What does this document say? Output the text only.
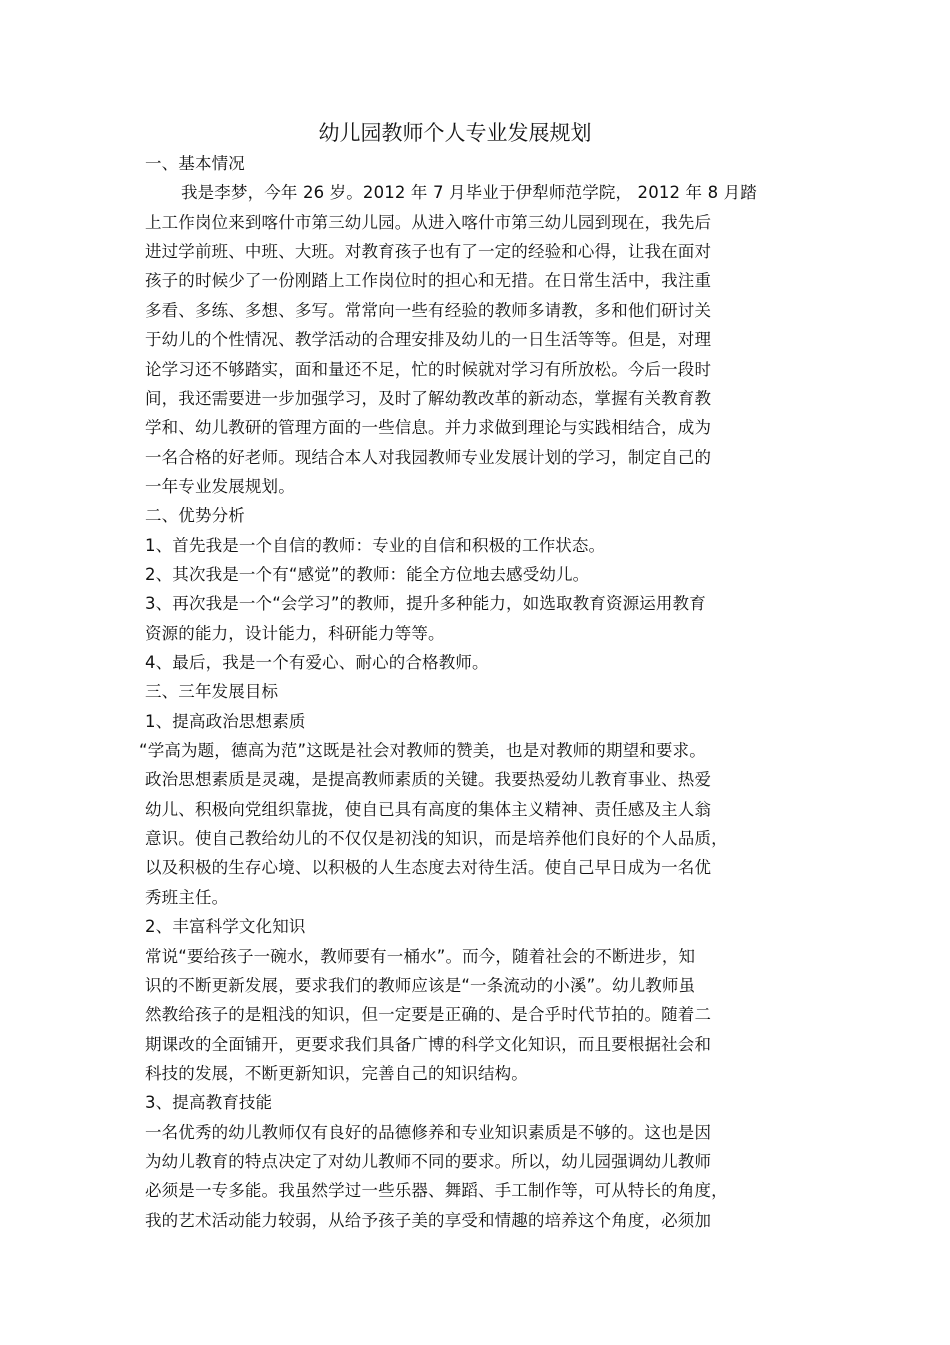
幼儿园教师个人专业发展规划
一、基本情况
我是李梦，今年 26 岁。2012 年 7 月毕业于伊犁师范学院， 2012 年 8 月踏
上工作岗位来到喀什市第三幼儿园。从进入喀什市第三幼儿园到现在，我先后
进过学前班、中班、大班。对教育孩子也有了一定的经验和心得，让我在面对
孩子的时候少了一份刚踏上工作岗位时的担心和无措。在日常生活中，我注重
多看、多练、多想、多写。常常向一些有经验的教师多请教，多和他们研讨关
于幼儿的个性情况、教学活动的合理安排及幼儿的一日生活等等。但是，对理
论学习还不够踏实，面和量还不足，忙的时候就对学习有所放松。今后一段时
间，我还需要进一步加强学习，及时了解幼教改革的新动态，掌握有关教育教
学和、幼儿教研的管理方面的一些信息。并力求做到理论与实践相结合，成为
一名合格的好老师。现结合本人对我园教师专业发展计划的学习，制定自己的
一年专业发展规划。
二、优势分析
1、首先我是一个自信的教师：专业的自信和积极的工作状态。
2、其次我是一个有“感觉”的教师：能全方位地去感受幼儿。
3、再次我是一个“会学习”的教师，提升多种能力，如选取教育资源运用教育
资源的能力，设计能力，科研能力等等。
4、最后，我是一个有爱心、耐心的合格教师。
三、三年发展目标
1、提高政治思想素质
“学高为题，德高为范”这既是社会对教师的赞美，也是对教师的期望和要求。
政治思想素质是灵魂，是提高教师素质的关键。我要热爱幼儿教育事业、热爱
幼儿、积极向党组织靠拢，使自已具有高度的集体主义精神、责任感及主人翁
意识。使自己教给幼儿的不仅仅是初浅的知识，而是培养他们良好的个人品质，
以及积极的生存心境、以积极的人生态度去对待生活。使自己早日成为一名优
秀班主任。
2、丰富科学文化知识
常说“要给孩子一碗水，教师要有一桶水”。而今，随着社会的不断进步，知
识的不断更新发展，要求我们的教师应该是“一条流动的小溪”。幼儿教师虽
然教给孩子的是粗浅的知识，但一定要是正确的、是合乎时代节拍的。随着二
期课改的全面铺开，更要求我们具备广博的科学文化知识，而且要根据社会和
科技的发展，不断更新知识，完善自己的知识结构。
3、提高教育技能
一名优秀的幼儿教师仅有良好的品德修养和专业知识素质是不够的。这也是因
为幼儿教育的特点决定了对幼儿教师不同的要求。所以，幼儿园强调幼儿教师
必须是一专多能。我虽然学过一些乐器、舞蹈、手工制作等，可从特长的角度，
我的艺术活动能力较弱，从给予孩子美的享受和情趣的培养这个角度，必须加
